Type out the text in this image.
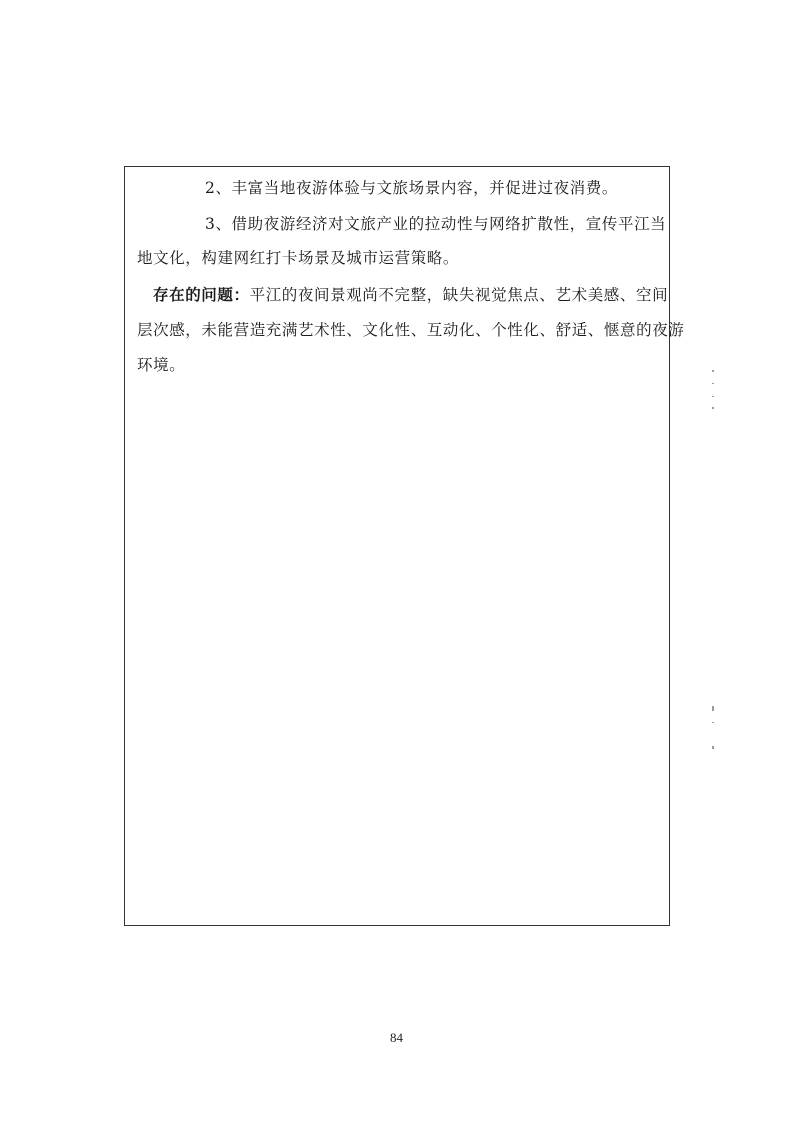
2、丰富当地夜游体验与文旅场景内容，并促进过夜消费。
3、借助夜游经济对文旅产业的拉动性与网络扩散性，宣传平江当
地文化，构建网红打卡场景及城市运营策略。
存在的问题：平江的夜间景观尚不完整，缺失视觉焦点、艺术美感、空间
层次感，未能营造充满艺术性、文化性、互动化、个性化、舒适、惬意的夜游
环境。
84
